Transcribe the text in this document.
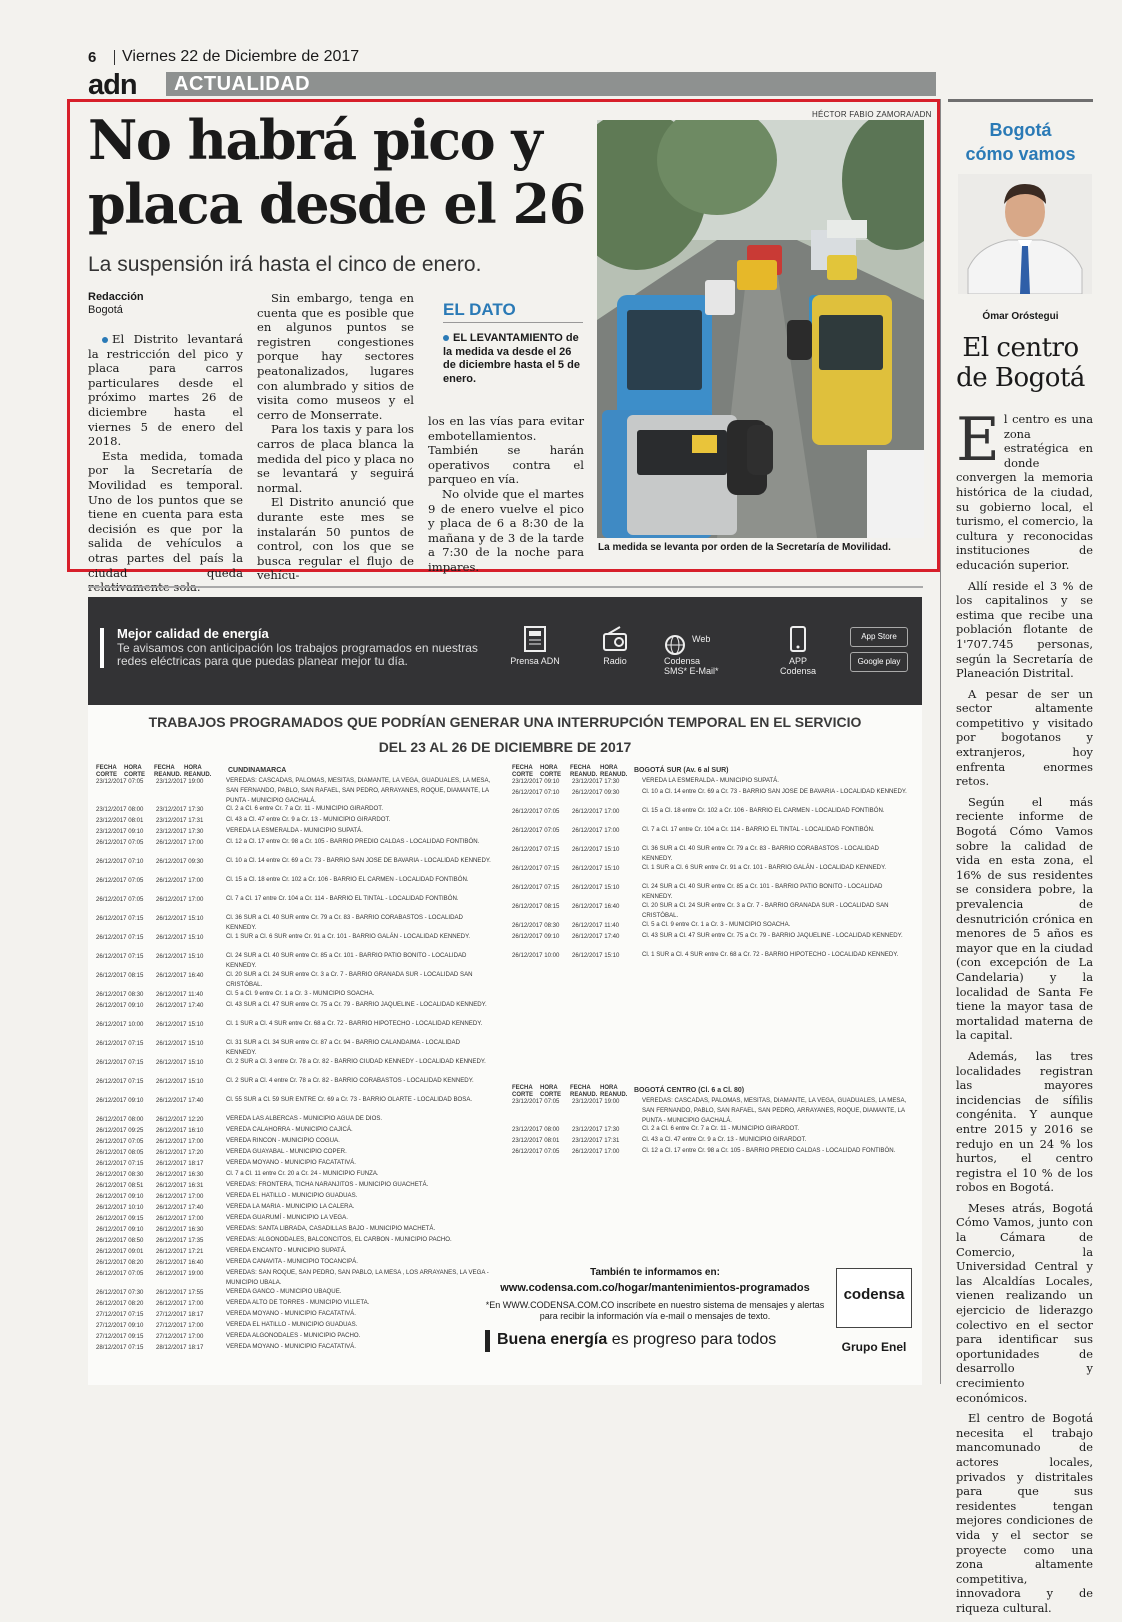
6 Viernes 22 de Diciembre de 2017
adn ACTUALIDAD
No habrá pico y placa desde el 26
La suspensión irá hasta el cinco de enero.
Redacción
Bogotá

El Distrito levantará la restricción del pico y placa para carros particulares desde el próximo martes 26 de diciembre hasta el viernes 5 de enero del 2018.

Esta medida, tomada por la Secretaría de Movilidad es temporal. Uno de los puntos que se tiene en cuenta para esta decisión es que por la salida de vehículos a otras partes del país la ciudad queda

Sin embargo, tenga en cuenta que es posible que en algunos puntos se registren congestiones porque hay sectores peatonalizados, lugares con alumbrado y sitios de visita como museos y el cerro de Monserrate.

Para los taxis y para los carros de placa blanca la medida del pico y placa no se levantará y seguirá normal.

El Distrito anunció que durante este mes se instalarán 50 puntos de control, con los que se busca regular el flujo de vehícu-

EL DATO
EL LEVANTAMIENTO de la medida va desde el 26 de diciembre hasta el 5 de enero.

los en las vías para evitar embotellamientos. También se harán operativos contra el parqueo en vía.

No olvide que el martes 9 de enero vuelve el pico y placa de 6 a 8:30 de la mañana y de 3 de la tarde a 7:30 de la noche para impares.

HÉCTOR FABIO ZAMORA/ADN
La medida se levanta por orden de la Secretaría de Movilidad.
Bogotá
cómo vamos
Ómar Oróstegui
El centro de Bogotá

El centro es una zona estratégica en donde convergen la memoria histórica de la ciudad, su gobierno local, el turismo, el comercio, la cultura y reconocidas instituciones de educación superior.

Allí reside el 3 % de los capitalinos y se estima que recibe una población flotante de 1'707.745 personas, según la Secretaría de Planeación Distrital.

A pesar de ser un sector altamente competitivo y visitado por bogotanos y extranjeros, hoy enfrenta enormes retos.

Según el más reciente informe de Bogotá Cómo Vamos sobre la calidad de vida en esta zona, el 16% de sus residentes se considera pobre, la prevalencia de desnutrición crónica en menores de 5 años es mayor que en la ciudad (con excepción de La Candelaria) y la localidad de Santa Fe tiene la mayor tasa de mortalidad materna de la capital.

Además, las tres localidades registran las mayores incidencias de sífilis congénita. Y aunque entre 2015 y 2016 se redujo en un 24 % los hurtos, el centro registra el 10 % de los robos en Bogotá.

Meses atrás, Bogotá Cómo Vamos, junto con la Cámara de Comercio, la Universidad Central y las Alcaldías Locales, vienen realizando un ejercicio de liderazgo colectivo en el sector para identificar sus oportunidades de desarrollo y crecimiento económicos.

El centro de Bogotá necesita el trabajo mancomunado de actores locales, privados y distritales para que sus residentes tengan mejores condiciones de vida y el sector se proyecte como una zona altamente competitiva, innovadora y de riqueza cultural.

Mejor calidad de energía
Te avisamos con anticipación los trabajos programados en nuestras redes eléctricas para que puedas planear mejor tu día.	Prensa ADN	Radio
Web Codensa SMS* E-Mail*
APP Codensa
App Store
Google play
TRABAJOS PROGRAMADOS QUE PODRÍAN GENERAR UNA INTERRUPCIÓN TEMPORAL EN EL SERVICIO
DEL 23 AL 26 DE DICIEMBRE DE 2017
FECHA CORTE
HORA CORTE
FECHA REANUD.
HORA REANUD.
CUNDINAMARCA
23/12/2017 07:05	23/12/2017 19:00	VEREDAS: CASCADAS, PALOMAS, MESITAS, DIAMANTE, LA VEGA, GUADUALES, LA MESA, SAN FERNANDO, PABLO, SAN RAFAEL, SAN PEDRO, ARRAYANES, ROQUE, DIAMANTE, LA PUNTA - MUNICIPIO GACHALÁ.
23/12/2017 08:00	23/12/2017 17:30	Cl. 2 a Cl. 6 entre Cr. 7 a Cr. 11 - MUNICIPIO GIRARDOT.
23/12/2017 08:01	23/12/2017 17:31	Cl. 43 a Cl. 47 entre Cr. 9 a Cr. 13 - MUNICIPIO GIRARDOT.
23/12/2017 09:10	23/12/2017 17:30	VEREDA LA ESMERALDA - MUNICIPIO SUPATÁ.
26/12/2017 07:05	26/12/2017 17:00	Cl. 12 a Cl. 17 entre Cr. 98 a Cr. 105 - BARRIO PREDIO CALDAS - LOCALIDAD FONTIBÓN.
26/12/2017 07:10	26/12/2017 09:30	Cl. 10 a Cl. 14 entre Cr. 69 a Cr. 73 - BARRIO SAN JOSE DE BAVARIA - LOCALIDAD KENNEDY.
26/12/2017 07:05	26/12/2017 17:00	Cl. 15 a Cl. 18 entre Cr. 102 a Cr. 106 - BARRIO EL CARMEN - LOCALIDAD FONTIBÓN.
26/12/2017 07:05	26/12/2017 17:00	Cl. 7 a Cl. 17 entre Cr. 104 a Cr. 114 - BARRIO EL TINTAL - LOCALIDAD FONTIBÓN.
26/12/2017 07:15	26/12/2017 15:10	Cl. 36 SUR a Cl. 40 SUR entre Cr. 79 a Cr. 83 - BARRIO CORABASTOS - LOCALIDAD KENNEDY.
26/12/2017 07:15	26/12/2017 15:10	Cl. 1 SUR a Cl. 6 SUR entre Cr. 91 a Cr. 101 - BARRIO GALÁN - LOCALIDAD KENNEDY.
26/12/2017 07:15	26/12/2017 15:10	Cl. 24 SUR a Cl. 40 SUR entre Cr. 85 a Cr. 101 - BARRIO PATIO BONITO - LOCALIDAD KENNEDY.
26/12/2017 08:15	26/12/2017 16:40	Cl. 20 SUR a Cl. 24 SUR entre Cr. 3 a Cr. 7 - BARRIO GRANADA SUR - LOCALIDAD SAN CRISTÓBAL.
26/12/2017 08:30	26/12/2017 11:40	Cl. 5 a Cl. 9 entre Cr. 1 a Cr. 3 - MUNICIPIO SOACHA.
26/12/2017 09:10	26/12/2017 17:40	Cl. 43 SUR a Cl. 47 SUR entre Cr. 75 a Cr. 79 - BARRIO JAQUELINE - LOCALIDAD KENNEDY.
26/12/2017 10:00	26/12/2017 15:10	Cl. 1 SUR a Cl. 4 SUR entre Cr. 68 a Cr. 72 - BARRIO HIPOTECHO - LOCALIDAD KENNEDY.
26/12/2017 07:15	26/12/2017 15:10	Cl. 31 SUR a Cl. 34 SUR entre Cr. 87 a Cr. 94 - BARRIO CALANDAIMA - LOCALIDAD KENNEDY.
26/12/2017 07:15	26/12/2017 15:10	Cl. 2 SUR a Cl. 3 entre Cr. 78 a Cr. 82 - BARRIO CIUDAD KENNEDY - LOCALIDAD KENNEDY.
26/12/2017 07:15	26/12/2017 15:10	Cl. 2 SUR a Cl. 4 entre Cr. 78 a Cr. 82 - BARRIO CORABASTOS - LOCALIDAD KENNEDY.
26/12/2017 09:10	26/12/2017 17:40	Cl. 55 SUR a Cl. 59 SUR ENTRE Cr. 69 a Cr. 73 - BARRIO OLARTE - LOCALIDAD BOSA.
26/12/2017 08:00	26/12/2017 12:20	VEREDA LAS ALBERCAS - MUNICIPIO AGUA DE DIOS.
26/12/2017 09:25	26/12/2017 16:10	VEREDA CALAHORRA - MUNICIPIO CAJICÁ.
26/12/2017 07:05	26/12/2017 17:00	VEREDA RINCON - MUNICIPIO COGUA.
26/12/2017 08:05	26/12/2017 17:20	VEREDA GUAYABAL - MUNICIPIO COPER.
26/12/2017 07:15	26/12/2017 18:17	VEREDA MOYANO - MUNICIPIO FACATATIVÁ.
26/12/2017 08:30	26/12/2017 16:30	Cl. 7 a Cl. 11 entre Cr. 20 a Cr. 24 - MUNICIPIO FUNZA.
26/12/2017 08:51	26/12/2017 16:31	VEREDAS: FRONTERA, TICHA NARANJITOS - MUNICIPIO GUACHETÁ.
26/12/2017 09:10	26/12/2017 17:00	VEREDA EL HATILLO - MUNICIPIO GUADUAS.
26/12/2017 10:10	26/12/2017 17:40	VEREDA LA MARIA - MUNICIPIO LA CALERA.
26/12/2017 09:15	26/12/2017 17:00	VEREDA GUARUMÍ - MUNICIPIO LA VEGA.
26/12/2017 09:10	26/12/2017 16:30	VEREDAS: SANTA LIBRADA, CASADILLAS BAJO - MUNICIPIO MACHETÁ.
26/12/2017 08:50	26/12/2017 17:35	VEREDAS: ALGONODALES, BALCONCITOS, EL CARBON - MUNICIPIO PACHO.
26/12/2017 09:01	26/12/2017 17:21	VEREDA ENCANTO - MUNICIPIO SUPATÁ.
26/12/2017 08:20	26/12/2017 16:40	VEREDA CANAVITA - MUNICIPIO TOCANCIPÁ.
26/12/2017 07:05	26/12/2017 19:00	VEREDAS: SAN ROQUE, SAN PEDRO, SAN PABLO, LA MESA , LOS ARRAYANES, LA VEGA - MUNICIPIO UBALA.
26/12/2017 07:30	26/12/2017 17:55	VEREDA GANCO - MUNICIPIO UBAQUE.
26/12/2017 08:20	26/12/2017 17:00	VEREDA ALTO DE TORRES - MUNICIPIO VILLETA.
27/12/2017 07:15	27/12/2017 18:17	VEREDA MOYANO - MUNICIPIO FACATATIVÁ.
27/12/2017 09:10	27/12/2017 17:00	VEREDA EL HATILLO - MUNICIPIO GUADUAS.
27/12/2017 09:15	27/12/2017 17:00	VEREDA ALGONODALES - MUNICIPIO PACHO.
28/12/2017 07:15	28/12/2017 18:17	VEREDA MOYANO - MUNICIPIO FACATATIVÁ.
FECHA CORTE
HORA CORTE
FECHA REANUD.
HORA REANUD.
BOGOTÁ SUR (Av. 6 al SUR)
23/12/2017 09:10	23/12/2017 17:30	VEREDA LA ESMERALDA - MUNICIPIO SUPATÁ.
26/12/2017 07:10	26/12/2017 09:30	Cl. 10 a Cl. 14 entre Cr. 69 a Cr. 73 - BARRIO SAN JOSE DE BAVARIA - LOCALIDAD KENNEDY.
26/12/2017 07:05	26/12/2017 17:00	Cl. 15 a Cl. 18 entre Cr. 102 a Cr. 106 - BARRIO EL CARMEN - LOCALIDAD FONTIBÓN.
26/12/2017 07:05	26/12/2017 17:00	Cl. 7 a Cl. 17 entre Cr. 104 a Cr. 114 - BARRIO EL TINTAL - LOCALIDAD FONTIBÓN.
26/12/2017 07:15	26/12/2017 15:10	Cl. 36 SUR a Cl. 40 SUR entre Cr. 79 a Cr. 83 - BARRIO CORABASTOS - LOCALIDAD KENNEDY.
26/12/2017 07:15	26/12/2017 15:10	Cl. 1 SUR a Cl. 6 SUR entre Cr. 91 a Cr. 101 - BARRIO GALÁN - LOCALIDAD KENNEDY.
26/12/2017 07:15	26/12/2017 15:10	Cl. 24 SUR a Cl. 40 SUR entre Cr. 85 a Cr. 101 - BARRIO PATIO BONITO - LOCALIDAD KENNEDY.
26/12/2017 08:15	26/12/2017 16:40	Cl. 20 SUR a Cl. 24 SUR entre Cr. 3 a Cr. 7 - BARRIO GRANADA SUR - LOCALIDAD SAN CRISTÓBAL.
26/12/2017 08:30	26/12/2017 11:40	Cl. 5 a Cl. 9 entre Cr. 1 a Cr. 3 - MUNICIPIO SOACHA.
26/12/2017 09:10	26/12/2017 17:40	Cl. 43 SUR a Cl. 47 SUR entre Cr. 75 a Cr. 79 - BARRIO JAQUELINE - LOCALIDAD KENNEDY.
26/12/2017 10:00	26/12/2017 15:10	Cl. 1 SUR a Cl. 4 SUR entre Cr. 68 a Cr. 72 - BARRIO HIPOTECHO - LOCALIDAD KENNEDY.
FECHA CORTE
HORA CORTE
FECHA REANUD.
HORA REANUD.
BOGOTÁ CENTRO (Cl. 6 a Cl. 80)
23/12/2017 07:05	23/12/2017 19:00	VEREDAS: CASCADAS, PALOMAS, MESITAS, DIAMANTE, LA VEGA, GUADUALES, LA MESA, SAN FERNANDO, PABLO, SAN RAFAEL, SAN PEDRO, ARRAYANES, ROQUE, DIAMANTE, LA PUNTA - MUNICIPIO GACHALÁ.
23/12/2017 08:00	23/12/2017 17:30	Cl. 2 a Cl. 6 entre Cr. 7 a Cr. 11 - MUNICIPIO GIRARDOT.
23/12/2017 08:01	23/12/2017 17:31	Cl. 43 a Cl. 47 entre Cr. 9 a Cr. 13 - MUNICIPIO GIRARDOT.
26/12/2017 07:05	26/12/2017 17:00	Cl. 12 a Cl. 17 entre Cr. 98 a Cr. 105 - BARRIO PREDIO CALDAS - LOCALIDAD FONTIBÓN.
También te informamos en:
www.codensa.com.co/hogar/mantenimientos-programados
*En WWW.CODENSA.COM.CO inscríbete en nuestro sistema de mensajes y alertas para recibir la información vía e-mail o mensajes de texto.
Buena energía es progreso para todos
codensa
Grupo Enel
